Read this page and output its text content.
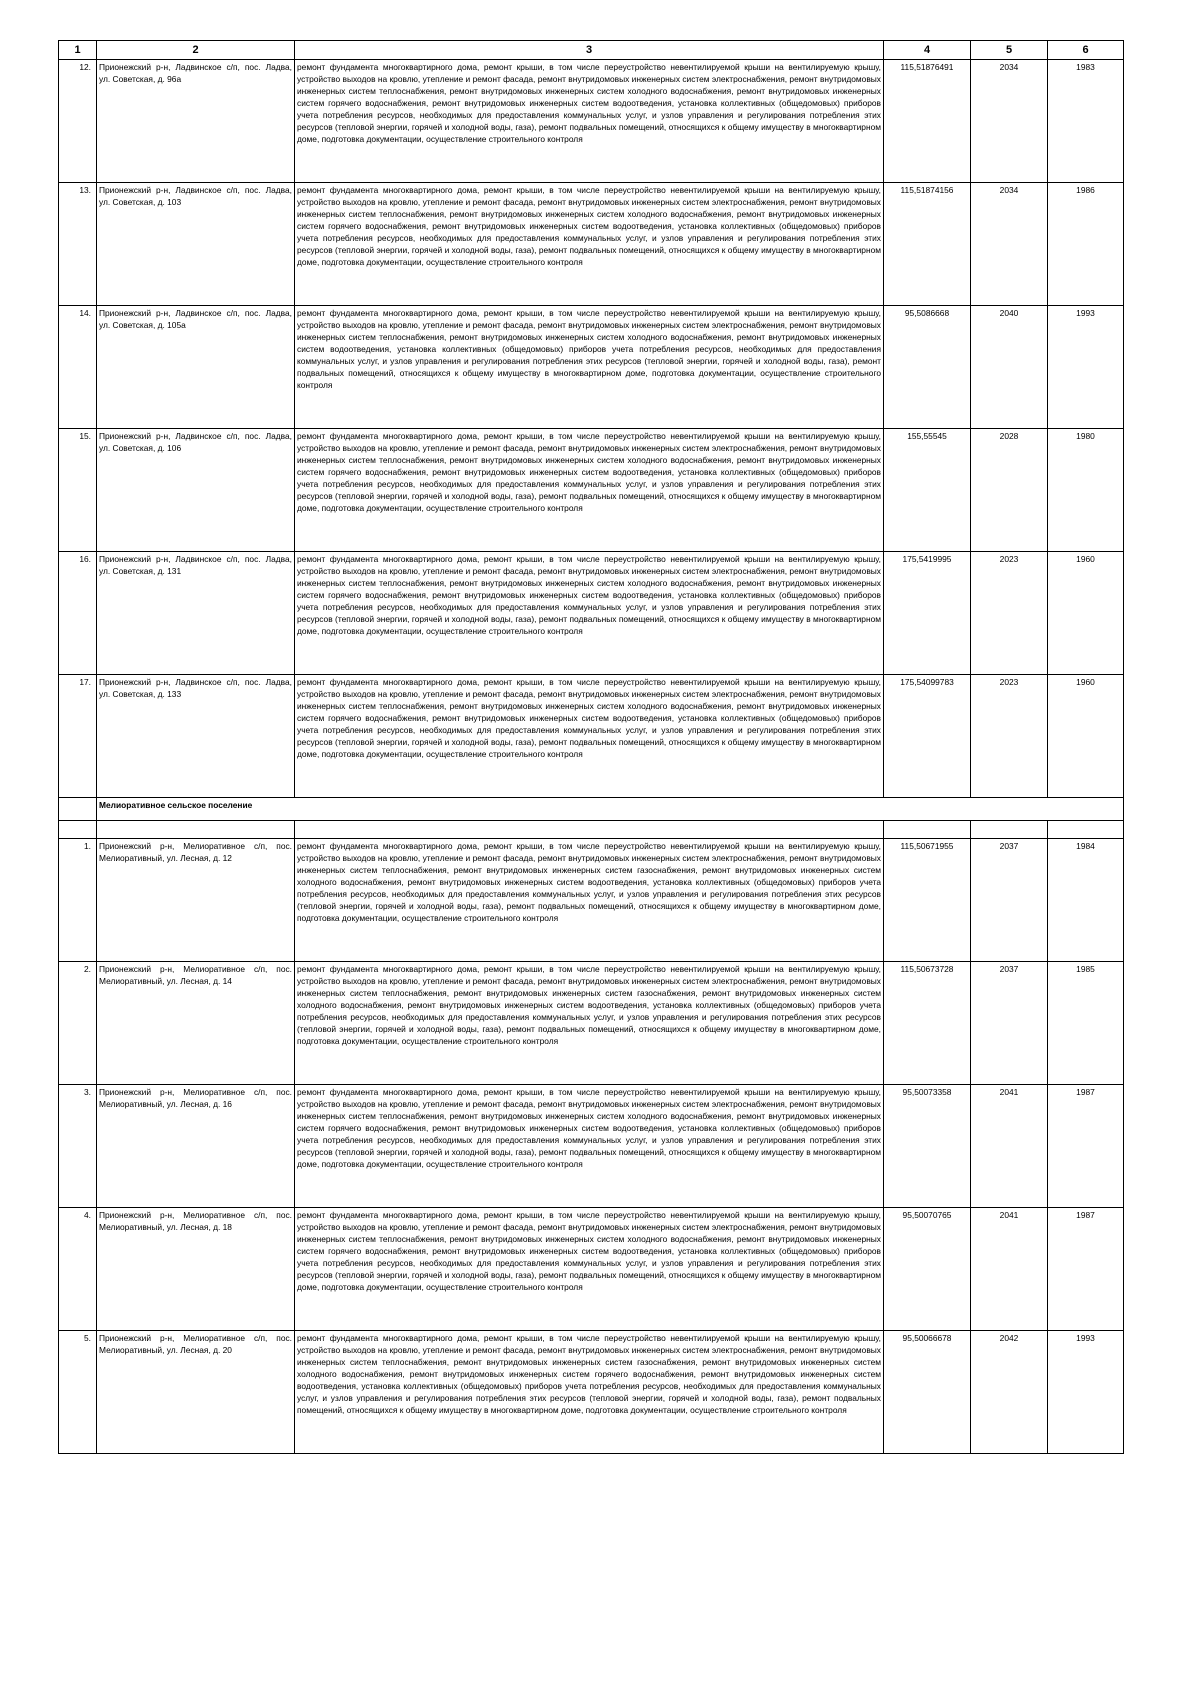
1	2	3	4	5	6
12.	Прионежский р-н, Ладвинское с/п, пос. Ладва, ул. Советская, д. 96а	ремонт фундамента многоквартирного дома, ремонт крыши, в том числе переустройство невентилируемой крыши на вентилируемую крышу, устройство выходов на кровлю, утепление и ремонт фасада, ремонт внутридомовых инженерных систем электроснабжения, ремонт внутридомовых инженерных систем теплоснабжения, ремонт внутридомовых инженерных систем холодного водоснабжения, ремонт внутридомовых инженерных систем горячего водоснабжения, ремонт внутридомовых инженерных систем водоотведения, установка коллективных (общедомовых) приборов учета потребления ресурсов, необходимых для предоставления коммунальных услуг, и узлов управления и регулирования потребления этих ресурсов (тепловой энергии, горячей и холодной воды, газа), ремонт подвальных помещений, относящихся к общему имуществу в многоквартирном доме, подготовка документации, осуществление строительного контроля	115,51876491	2034	1983
13.	Прионежский р-н, Ладвинское с/п, пос. Ладва, ул. Советская, д. 103	ремонт фундамента многоквартирного дома, ремонт крыши, в том числе переустройство невентилируемой крыши на вентилируемую крышу, устройство выходов на кровлю, утепление и ремонт фасада, ремонт внутридомовых инженерных систем электроснабжения, ремонт внутридомовых инженерных систем теплоснабжения, ремонт внутридомовых инженерных систем холодного водоснабжения, ремонт внутридомовых инженерных систем горячего водоснабжения, ремонт внутридомовых инженерных систем водоотведения, установка коллективных (общедомовых) приборов учета потребления ресурсов, необходимых для предоставления коммунальных услуг, и узлов управления и регулирования потребления этих ресурсов (тепловой энергии, горячей и холодной воды, газа), ремонт подвальных помещений, относящихся к общему имуществу в многоквартирном доме, подготовка документации, осуществление строительного контроля	115,51874156	2034	1986
14.	Прионежский р-н, Ладвинское с/п, пос. Ладва, ул. Советская, д. 105а	ремонт фундамента многоквартирного дома, ремонт крыши, в том числе переустройство невентилируемой крыши на вентилируемую крышу, устройство выходов на кровлю, утепление и ремонт фасада, ремонт внутридомовых инженерных систем электроснабжения, ремонт внутридомовых инженерных систем теплоснабжения, ремонт внутридомовых инженерных систем холодного водоснабжения, ремонт внутридомовых инженерных систем водоотведения, установка коллективных (общедомовых) приборов учета потребления ресурсов, необходимых для предоставления коммунальных услуг, и узлов управления и регулирования потребления этих ресурсов (тепловой энергии, горячей и холодной воды, газа), ремонт подвальных помещений, относящихся к общему имуществу в многоквартирном доме, подготовка документации, осуществление строительного контроля	95,5086668	2040	1993
15.	Прионежский р-н, Ладвинское с/п, пос. Ладва, ул. Советская, д. 106	ремонт фундамента многоквартирного дома, ремонт крыши, в том числе переустройство невентилируемой крыши на вентилируемую крышу, устройство выходов на кровлю, утепление и ремонт фасада, ремонт внутридомовых инженерных систем электроснабжения, ремонт внутридомовых инженерных систем теплоснабжения, ремонт внутридомовых инженерных систем холодного водоснабжения, ремонт внутридомовых инженерных систем горячего водоснабжения, ремонт внутридомовых инженерных систем водоотведения, установка коллективных (общедомовых) приборов учета потребления ресурсов, необходимых для предоставления коммунальных услуг, и узлов управления и регулирования потребления этих ресурсов (тепловой энергии, горячей и холодной воды, газа), ремонт подвальных помещений, относящихся к общему имуществу в многоквартирном доме, подготовка документации, осуществление строительного контроля	155,55545	2028	1980
16.	Прионежский р-н, Ладвинское с/п, пос. Ладва, ул. Советская, д. 131	ремонт фундамента многоквартирного дома, ремонт крыши, в том числе переустройство невентилируемой крыши на вентилируемую крышу, устройство выходов на кровлю, утепление и ремонт фасада, ремонт внутридомовых инженерных систем электроснабжения, ремонт внутридомовых инженерных систем теплоснабжения, ремонт внутридомовых инженерных систем холодного водоснабжения, ремонт внутридомовых инженерных систем горячего водоснабжения, ремонт внутридомовых инженерных систем водоотведения, установка коллективных (общедомовых) приборов учета потребления ресурсов, необходимых для предоставления коммунальных услуг, и узлов управления и регулирования потребления этих ресурсов (тепловой энергии, горячей и холодной воды, газа), ремонт подвальных помещений, относящихся к общему имуществу в многоквартирном доме, подготовка документации, осуществление строительного контроля	175,5419995	2023	1960
17.	Прионежский р-н, Ладвинское с/п, пос. Ладва, ул. Советская, д. 133	ремонт фундамента многоквартирного дома, ремонт крыши, в том числе переустройство невентилируемой крыши на вентилируемую крышу, устройство выходов на кровлю, утепление и ремонт фасада, ремонт внутридомовых инженерных систем электроснабжения, ремонт внутридомовых инженерных систем теплоснабжения, ремонт внутридомовых инженерных систем холодного водоснабжения, ремонт внутридомовых инженерных систем горячего водоснабжения, ремонт внутридомовых инженерных систем водоотведения, установка коллективных (общедомовых) приборов учета потребления ресурсов, необходимых для предоставления коммунальных услуг, и узлов управления и регулирования потребления этих ресурсов (тепловой энергии, горячей и холодной воды, газа), ремонт подвальных помещений, относящихся к общему имуществу в многоквартирном доме, подготовка документации, осуществление строительного контроля	175,54099783	2023	1960
	Мелиоративное сельское поселение				

1.	Прионежский р-н, Мелиоративное с/п, пос. Мелиоративный, ул. Лесная, д. 12	ремонт фундамента многоквартирного дома, ремонт крыши, в том числе переустройство невентилируемой крыши на вентилируемую крышу, устройство выходов на кровлю, утепление и ремонт фасада, ремонт внутридомовых инженерных систем электроснабжения, ремонт внутридомовых инженерных систем теплоснабжения, ремонт внутридомовых инженерных систем газоснабжения, ремонт внутридомовых инженерных систем холодного водоснабжения, ремонт внутридомовых инженерных систем водоотведения, установка коллективных (общедомовых) приборов учета потребления ресурсов, необходимых для предоставления коммунальных услуг, и узлов управления и регулирования потребления этих ресурсов (тепловой энергии, горячей и холодной воды, газа), ремонт подвальных помещений, относящихся к общему имуществу в многоквартирном доме, подготовка документации, осуществление строительного контроля	115,50671955	2037	1984
2.	Прионежский р-н, Мелиоративное с/п, пос. Мелиоративный, ул. Лесная, д. 14	ремонт фундамента многоквартирного дома, ремонт крыши, в том числе переустройство невентилируемой крыши на вентилируемую крышу, устройство выходов на кровлю, утепление и ремонт фасада, ремонт внутридомовых инженерных систем электроснабжения, ремонт внутридомовых инженерных систем теплоснабжения, ремонт внутридомовых инженерных систем газоснабжения, ремонт внутридомовых инженерных систем холодного водоснабжения, ремонт внутридомовых инженерных систем водоотведения, установка коллективных (общедомовых) приборов учета потребления ресурсов, необходимых для предоставления коммунальных услуг, и узлов управления и регулирования потребления этих ресурсов (тепловой энергии, горячей и холодной воды, газа), ремонт подвальных помещений, относящихся к общему имуществу в многоквартирном доме, подготовка документации, осуществление строительного контроля	115,50673728	2037	1985
3.	Прионежский р-н, Мелиоративное с/п, пос. Мелиоративный, ул. Лесная, д. 16	ремонт фундамента многоквартирного дома, ремонт крыши, в том числе переустройство невентилируемой крыши на вентилируемую крышу, устройство выходов на кровлю, утепление и ремонт фасада, ремонт внутридомовых инженерных систем электроснабжения, ремонт внутридомовых инженерных систем теплоснабжения, ремонт внутридомовых инженерных систем холодного водоснабжения, ремонт внутридомовых инженерных систем горячего водоснабжения, ремонт внутридомовых инженерных систем водоотведения, установка коллективных (общедомовых) приборов учета потребления ресурсов, необходимых для предоставления коммунальных услуг, и узлов управления и регулирования потребления этих ресурсов (тепловой энергии, горячей и холодной воды, газа), ремонт подвальных помещений, относящихся к общему имуществу в многоквартирном доме, подготовка документации, осуществление строительного контроля	95,50073358	2041	1987
4.	Прионежский р-н, Мелиоративное с/п, пос. Мелиоративный, ул. Лесная, д. 18	ремонт фундамента многоквартирного дома, ремонт крыши, в том числе переустройство невентилируемой крыши на вентилируемую крышу, устройство выходов на кровлю, утепление и ремонт фасада, ремонт внутридомовых инженерных систем электроснабжения, ремонт внутридомовых инженерных систем теплоснабжения, ремонт внутридомовых инженерных систем холодного водоснабжения, ремонт внутридомовых инженерных систем горячего водоснабжения, ремонт внутридомовых инженерных систем водоотведения, установка коллективных (общедомовых) приборов учета потребления ресурсов, необходимых для предоставления коммунальных услуг, и узлов управления и регулирования потребления этих ресурсов (тепловой энергии, горячей и холодной воды, газа), ремонт подвальных помещений, относящихся к общему имуществу в многоквартирном доме, подготовка документации, осуществление строительного контроля	95,50070765	2041	1987
5.	Прионежский р-н, Мелиоративное с/п, пос. Мелиоративный, ул. Лесная, д. 20	ремонт фундамента многоквартирного дома, ремонт крыши, в том числе переустройство невентилируемой крыши на вентилируемую крышу, устройство выходов на кровлю, утепление и ремонт фасада, ремонт внутридомовых инженерных систем электроснабжения, ремонт внутридомовых инженерных систем теплоснабжения, ремонт внутридомовых инженерных систем газоснабжения, ремонт внутридомовых инженерных систем холодного водоснабжения, ремонт внутридомовых инженерных систем горячего водоснабжения, ремонт внутридомовых инженерных систем водоотведения, установка коллективных (общедомовых) приборов учета потребления ресурсов, необходимых для предоставления коммунальных услуг, и узлов управления и регулирования потребления этих ресурсов (тепловой энергии, горячей и холодной воды, газа), ремонт подвальных помещений, относящихся к общему имуществу в многоквартирном доме, подготовка документации, осуществление строительного контроля	95,50066678	2042	1993
